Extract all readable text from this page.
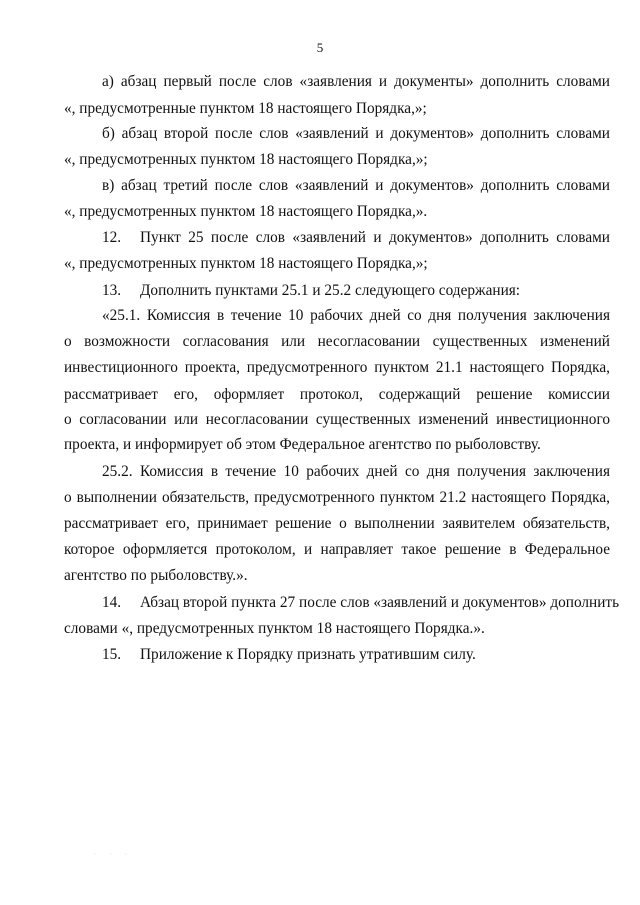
5
а) абзац первый после слов «заявления и документы» дополнить словами
«, предусмотренные пунктом 18 настоящего Порядка,»;
б) абзац второй после слов «заявлений и документов» дополнить словами
«, предусмотренных пунктом 18 настоящего Порядка,»;
в) абзац третий после слов «заявлений и документов» дополнить словами
«, предусмотренных пунктом 18 настоящего Порядка,».
12. Пункт 25 после слов «заявлений и документов» дополнить словами
«, предусмотренных пунктом 18 настоящего Порядка,»;
13. Дополнить пунктами 25.1 и 25.2 следующего содержания:
«25.1. Комиссия в течение 10 рабочих дней со дня получения заключения
о возможности согласования или несогласовании существенных изменений
инвестиционного проекта, предусмотренного пунктом 21.1 настоящего Порядка,
рассматривает его, оформляет протокол, содержащий решение комиссии
о согласовании или несогласовании существенных изменений инвестиционного
проекта, и информирует об этом Федеральное агентство по рыболовству.
25.2. Комиссия в течение 10 рабочих дней со дня получения заключения
о выполнении обязательств, предусмотренного пунктом 21.2 настоящего Порядка,
рассматривает его, принимает решение о выполнении заявителем обязательств,
которое оформляется протоколом, и направляет такое решение в Федеральное
агентство по рыболовству.».
14. Абзац второй пункта 27 после слов «заявлений и документов» дополнить
словами «, предусмотренных пунктом 18 настоящего Порядка.».
15. Приложение к Порядку признать утратившим силу.
· · ·
